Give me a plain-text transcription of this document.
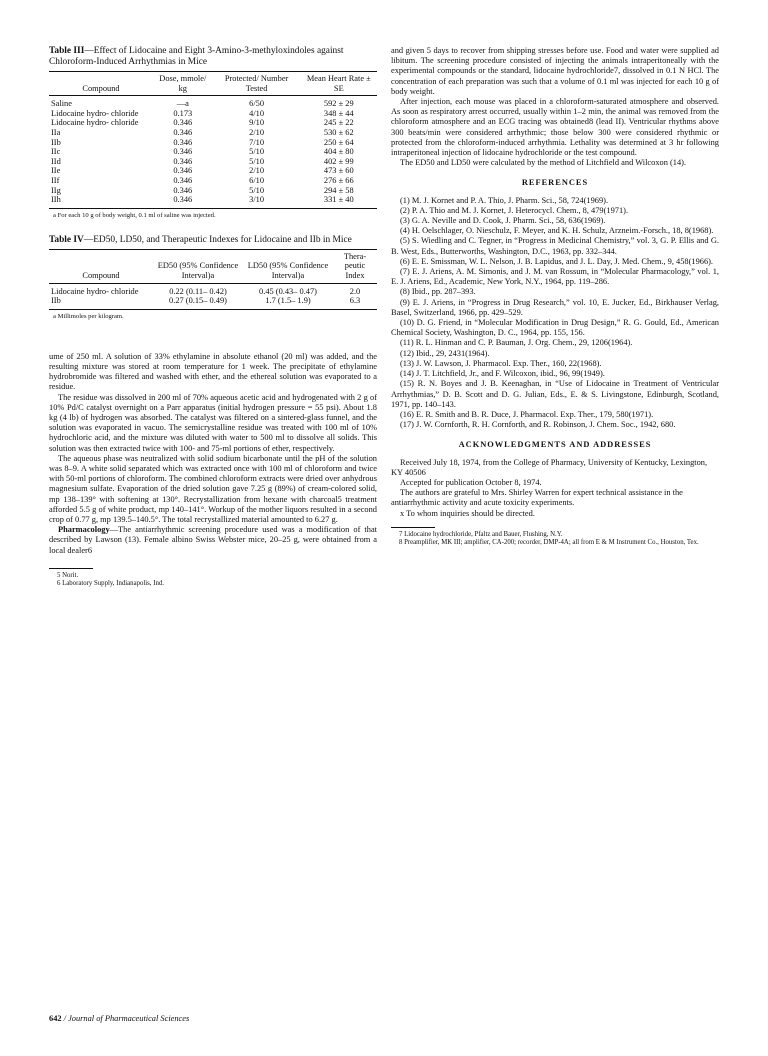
Table III—Effect of Lidocaine and Eight 3-Amino-3-methyloxindoles against Chloroform-Induced Arrhythmias in Mice
Compound	Dose, mmole/ kg	Protected/ Number Tested	Mean Heart Rate ± SE
Saline	—a	6/50	592 ± 29
Lidocaine hydro- chloride	0.173	4/10	348 ± 44
Lidocaine hydro- chloride	0.346	9/10	245 ± 22
IIa	0.346	2/10	530 ± 62
IIb	0.346	7/10	250 ± 64
IIc	0.346	5/10	404 ± 80
IId	0.346	5/10	402 ± 99
IIe	0.346	2/10	473 ± 60
IIf	0.346	6/10	276 ± 66
IIg	0.346	5/10	294 ± 58
IIh	0.346	3/10	331 ± 40
a For each 10 g of body weight, 0.1 ml of saline was injected.
Table IV—ED50, LD50, and Therapeutic Indexes for Lidocaine and IIb in Mice
Compound	ED50 (95% Confidence Interval)a	LD50 (95% Confidence Interval)a	Thera- peutic Index
Lidocaine hydro- chloride	0.22 (0.11– 0.42)	0.45 (0.43– 0.47)	2.0
IIb	0.27 (0.15– 0.49)	1.7 (1.5– 1.9)	6.3
a Millimoles per kilogram.

ume of 250 ml. A solution of 33% ethylamine in absolute ethanol (20 ml) was added, and the resulting mixture was stored at room temperature for 1 week. The precipitate of ethylamine hydrobromide was filtered and washed with ether, and the ethereal solution was evaporated to a residue.

The residue was dissolved in 200 ml of 70% aqueous acetic acid and hydrogenated with 2 g of 10% Pd/C catalyst overnight on a Parr apparatus (initial hydrogen pressure = 55 psi). About 1.8 kg (4 lb) of hydrogen was absorbed. The catalyst was filtered on a sintered-glass funnel, and the solution was evaporated in vacuo. The semicrystalline residue was treated with 100 ml of 10% hydrochloric acid, and the mixture was diluted with water to 500 ml to dissolve all solids. This solution was then extracted twice with 100- and 75-ml portions of ether, respectively.

The aqueous phase was neutralized with solid sodium bicarbonate until the pH of the solution was 8–9. A white solid separated which was extracted once with 100 ml of chloroform and twice with 50-ml portions of chloroform. The combined chloroform extracts were dried over anhydrous magnesium sulfate. Evaporation of the dried solution gave 7.25 g (89%) of cream-colored solid, mp 138–139° with softening at 130°. Recrystallization from hexane with charcoal5 treatment afforded 5.5 g of white product, mp 140–141°. Workup of the mother liquors resulted in a second crop of 0.77 g, mp 139.5–140.5°. The total recrystallized material amounted to 6.27 g.

Pharmacology—The antiarrhythmic screening procedure used was a modification of that described by Lawson (13). Female albino Swiss Webster mice, 20–25 g, were obtained from a local dealer6

5 Norit.
6 Laboratory Supply, Indianapolis, Ind.

and given 5 days to recover from shipping stresses before use. Food and water were supplied ad libitum. The screening procedure consisted of injecting the animals intraperitoneally with the experimental compounds or the standard, lidocaine hydrochloride7, dissolved in 0.1 N HCl. The concentration of each preparation was such that a volume of 0.1 ml was injected for each 10 g of body weight.

After injection, each mouse was placed in a chloroform-saturated atmosphere and observed. As soon as respiratory arrest occurred, usually within 1–2 min, the animal was removed from the chloroform atmosphere and an ECG tracing was obtained8 (lead II). Ventricular rhythms above 300 beats/min were considered arrhythmic; those below 300 were considered rhythmic or protected from the chloroform-induced arrhythmia. Lethality was determined at 3 hr following intraperitoneal injection of lidocaine hydrochloride or the test compound.

The ED50 and LD50 were calculated by the method of Litchfield and Wilcoxon (14).

REFERENCES
(1) M. J. Kornet and P. A. Thio, J. Pharm. Sci., 58, 724(1969).
(2) P. A. Thio and M. J. Kornet, J. Heterocycl. Chem., 8, 479(1971).
(3) G. A. Neville and D. Cook, J. Pharm. Sci., 58, 636(1969).
(4) H. Oelschlager, O. Nieschulz, F. Meyer, and K. H. Schulz, Arzneim.-Forsch., 18, 8(1968).
(5) S. Wiedling and C. Tegner, in “Progress in Medicinal Chemistry,” vol. 3, G. P. Ellis and G. B. West, Eds., Butterworths, Washington, D.C., 1963, pp. 332–344.
(6) E. E. Smissman, W. L. Nelson, J. B. Lapidus, and J. L. Day, J. Med. Chem., 9, 458(1966).
(7) E. J. Ariens, A. M. Simonis, and J. M. van Rossum, in “Molecular Pharmacology,” vol. 1, E. J. Ariens, Ed., Academic, New York, N.Y., 1964, pp. 119–286.
(8) Ibid., pp. 287–393.
(9) E. J. Ariens, in “Progress in Drug Research,” vol. 10, E. Jucker, Ed., Birkhauser Verlag, Basel, Switzerland, 1966, pp. 429–529.
(10) D. G. Friend, in “Molecular Modification in Drug Design,” R. G. Gould, Ed., American Chemical Society, Washington, D. C., 1964, pp. 155, 156.
(11) R. L. Hinman and C. P. Bauman, J. Org. Chem., 29, 1206(1964).
(12) Ibid., 29, 2431(1964).
(13) J. W. Lawson, J. Pharmacol. Exp. Ther., 160, 22(1968).
(14) J. T. Litchfield, Jr., and F. Wilcoxon, ibid., 96, 99(1949).
(15) R. N. Boyes and J. B. Keenaghan, in “Use of Lidocaine in Treatment of Ventricular Arrhythmias,” D. B. Scott and D. G. Julian, Eds., E. & S. Livingstone, Edinburgh, Scotland, 1971, pp. 140–143.
(16) E. R. Smith and B. R. Duce, J. Pharmacol. Exp. Ther., 179, 580(1971).
(17) J. W. Cornforth, R. H. Cornforth, and R. Robinson, J. Chem. Soc., 1942, 680.
ACKNOWLEDGMENTS AND ADDRESSES
Received July 18, 1974, from the College of Pharmacy, University of Kentucky, Lexington, KY 40506
Accepted for publication October 8, 1974.
The authors are grateful to Mrs. Shirley Warren for expert technical assistance in the antiarrhythmic activity and acute toxicity experiments.
x To whom inquiries should be directed.
7 Lidocaine hydrochloride, Pfaltz and Bauer, Flushing, N.Y.
8 Preamplifier, MK III; amplifier, CA-200; recorder, DMP-4A; all from E & M Instrument Co., Houston, Tex.
642 / Journal of Pharmaceutical Sciences
